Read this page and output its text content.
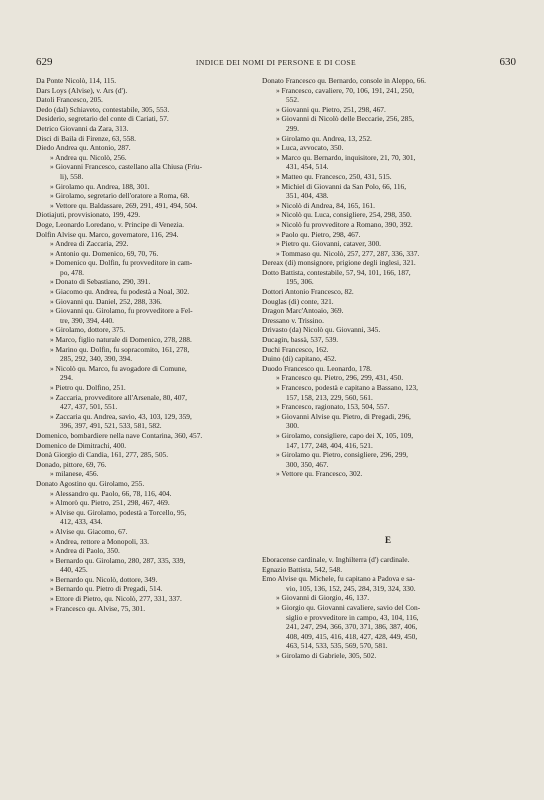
629	INDICE DEI NOMI DI PERSONE E DI COSE	630
Da Ponte Nicolò, 114, 115.
Dars Loys (Alvise), v. Ars (d').
Datoli Francesco, 205.
Dedo (dal) Schiaveto, contestabile, 305, 553.
Desiderio, segretario del conte di Cariati, 57.
Detrico Giovanni da Zara, 313.
Disci di Baila di Firenze, 63, 558.
Diedo Andrea qu. Antonio, 287.
» Andrea qu. Nicolò, 256.
» Giovanni Francesco, castellano alla Chiusa (Friu-
li), 558.
» Girolamo qu. Andrea, 188, 301.
» Girolamo, segretario dell'oratore a Roma, 68.
» Vettore qu. Baldassare, 269, 291, 491, 494, 504.
Diotiajuti, provvisionato, 199, 429.
Doge, Leonardo Loredano, v. Principe di Venezia.
Dolfin Alvise qu. Marco, governatore, 116, 294.
» Andrea di Zaccaria, 292.
» Antonio qu. Domenico, 69, 70, 76.
» Domenico qu. Dolfin, fu provveditore in cam-
po, 478.
» Donato di Sebastiano, 290, 391.
» Giacomo qu. Andrea, fu podestà a Noal, 302.
» Giovanni qu. Daniel, 252, 288, 336.
» Giovanni qu. Girolamo, fu provveditore a Fel-
tre, 390, 394, 440.
» Girolamo, dottore, 375.
» Marco, figlio naturale di Domenico, 278, 288.
» Marino qu. Dolfin, fu sopracomito, 161, 278,
285, 292, 340, 390, 394.
» Nicolò qu. Marco, fu avogadore di Comune,
294.
» Pietro qu. Dolfino, 251.
» Zaccaria, provveditore all'Arsenale, 80, 407,
427, 437, 501, 551.
» Zaccaria qu. Andrea, savio, 43, 103, 129, 359,
396, 397, 491, 521, 533, 581, 582.
Domenico, bombardiere nella nave Contarina, 360, 457.
Domenico de Dimitrachi, 400.
Donà Giorgio di Candia, 161, 277, 285, 505.
Donado, pittore, 69, 76.
» milanese, 456.
Donato Agostino qu. Girolamo, 255.
» Alessandro qu. Paolo, 66, 78, 116, 404.
» Almorò qu. Pietro, 251, 298, 467, 469.
» Alvise qu. Girolamo, podestà a Torcello, 95,
412, 433, 434.
» Alvise qu. Giacomo, 67.
» Andrea, rettore a Monopoli, 33.
» Andrea di Paolo, 350.
» Bernardo qu. Girolamo, 280, 287, 335, 339,
440, 425.
» Bernardo qu. Nicolò, dottore, 349.
» Bernardo qu. Pietro di Pregadi, 514.
» Ettore di Pietro, qu. Nicolò, 277, 331, 337.
» Francesco qu. Alvise, 75, 301.
Donato Francesco qu. Bernardo, console in Aleppo, 66.
» Francesco, cavaliere, 70, 106, 191, 241, 250,
552.
» Giovanni qu. Pietro, 251, 298, 467.
» Giovanni di Nicolò delle Beccarie, 256, 285,
299.
» Girolamo qu. Andrea, 13, 252.
» Luca, avvocato, 350.
» Marco qu. Bernardo, inquisitore, 21, 70, 301,
431, 454, 514.
» Matteo qu. Francesco, 250, 431, 515.
» Michiel di Giovanni da San Polo, 66, 116,
351, 404, 438.
» Nicolò di Andrea, 84, 165, 161.
» Nicolò qu. Luca, consigliere, 254, 298, 350.
» Nicolò fu provveditore a Romano, 390, 392.
» Paolo qu. Pietro, 298, 467.
» Pietro qu. Giovanni, cataver, 300.
» Tommaso qu. Nicolò, 257, 277, 287, 336, 337.
Dereax (di) monsignore, prigione degli inglesi, 321.
Dotto Battista, contestabile, 57, 94, 101, 166, 187,
195, 306.
Dottori Antonio Francesco, 82.
Douglas (di) conte, 321.
Dragon Marc'Antoaio, 369.
Dressano v. Trissino.
Drivasto (da) Nicolò qu. Giovanni, 345.
Ducagin, bassà, 537, 539.
Duchi Francesco, 162.
Duino (di) capitano, 452.
Duodo Francesco qu. Leonardo, 178.
» Francesco qu. Pietro, 296, 299, 431, 450.
» Francesco, podestà e capitano a Bassano, 123,
157, 158, 213, 229, 560, 561.
» Francesco, ragionato, 153, 504, 557.
» Giovanni Alvise qu. Pietro, di Pregadi, 296,
300.
» Girolamo, consigliere, capo dei X, 105, 109,
147, 177, 248, 404, 416, 521.
» Girolamo qu. Pietro, consigliere, 296, 299,
300, 350, 467.
» Vettore qu. Francesco, 302.
E
Eboracense cardinale, v. Inghilterra (d') cardinale.
Egnazio Battista, 542, 548.
Emo Alvise qu. Michele, fu capitano a Padova e sa-
vio, 105, 136, 152, 245, 284, 319, 324, 330.
» Giovanni di Giorgio, 46, 137.
» Giorgio qu. Giovanni cavaliere, savio del Con-
siglio e provveditore in campo, 43, 104, 116,
241, 247, 294, 366, 370, 371, 386, 387, 406,
408, 409, 415, 416, 418, 427, 428, 449, 450,
463, 514, 533, 535, 569, 570, 581.
» Girolamo di Gabriele, 305, 502.
